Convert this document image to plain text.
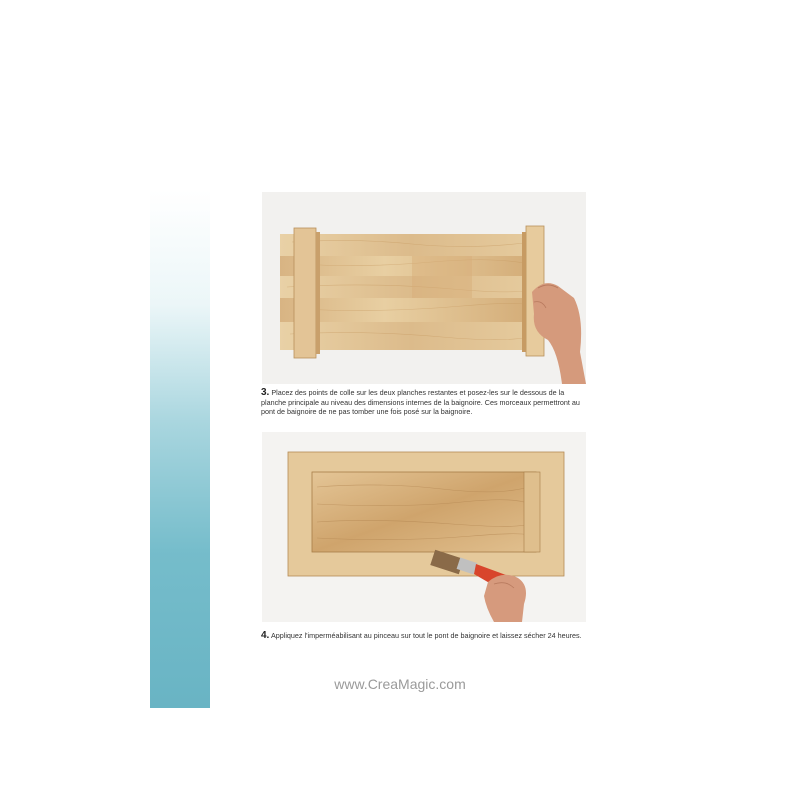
3. Placez des points de colle sur les deux planches restantes et posez-les sur le dessous de la planche principale au niveau des dimensions internes de la baignoire. Ces morceaux permettront au pont de baignoire de ne pas tomber une fois posé sur la baignoire.
4. Appliquez l'imperméabilisant au pinceau sur tout le pont de baignoire et laissez sécher 24 heures.
www.CreaMagic.com
